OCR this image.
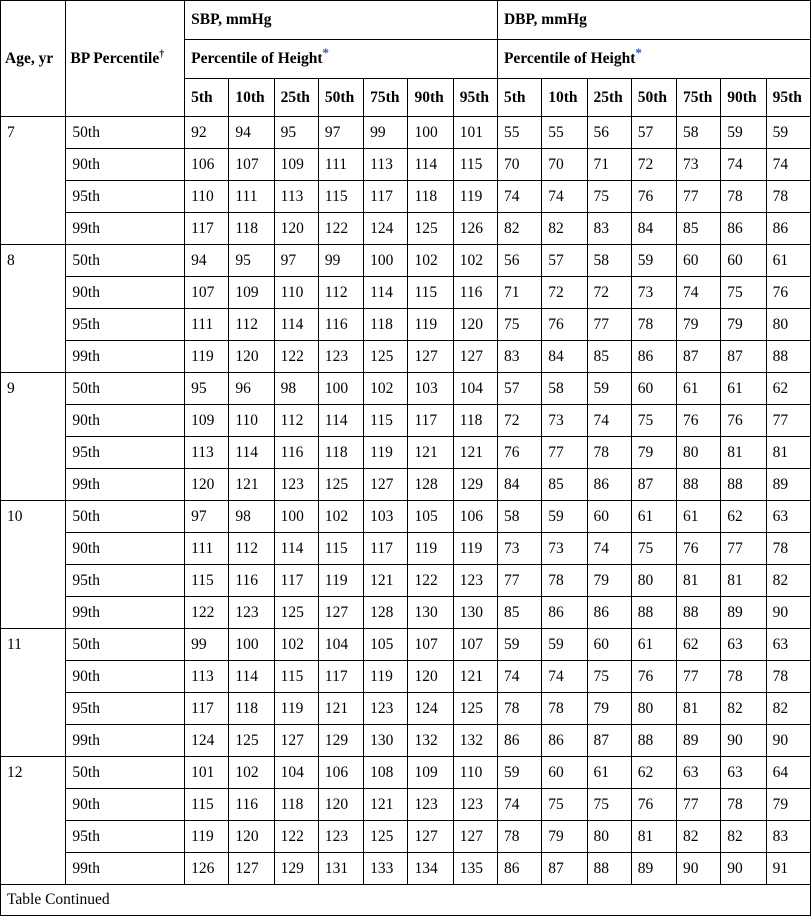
Age, yr	BP Percentile†	SBP, mmHg							DBP, mmHg						
		Percentile of Height*							Percentile of Height*
		5th	10th	25th	50th	75th	90th	95th	5th	10th	25th	50th	75th	90th	95th
7	50th	92	94	95	97	99	100	101	55	55	56	57	58	59	59
	90th	106	107	109	111	113	114	115	70	70	71	72	73	74	74
	95th	110	111	113	115	117	118	119	74	74	75	76	77	78	78
	99th	117	118	120	122	124	125	126	82	82	83	84	85	86	86
8	50th	94	95	97	99	100	102	102	56	57	58	59	60	60	61
	90th	107	109	110	112	114	115	116	71	72	72	73	74	75	76
	95th	111	112	114	116	118	119	120	75	76	77	78	79	79	80
	99th	119	120	122	123	125	127	127	83	84	85	86	87	87	88
9	50th	95	96	98	100	102	103	104	57	58	59	60	61	61	62
	90th	109	110	112	114	115	117	118	72	73	74	75	76	76	77
	95th	113	114	116	118	119	121	121	76	77	78	79	80	81	81
	99th	120	121	123	125	127	128	129	84	85	86	87	88	88	89
10	50th	97	98	100	102	103	105	106	58	59	60	61	61	62	63
	90th	111	112	114	115	117	119	119	73	73	74	75	76	77	78
	95th	115	116	117	119	121	122	123	77	78	79	80	81	81	82
	99th	122	123	125	127	128	130	130	85	86	86	88	88	89	90
11	50th	99	100	102	104	105	107	107	59	59	60	61	62	63	63
	90th	113	114	115	117	119	120	121	74	74	75	76	77	78	78
	95th	117	118	119	121	123	124	125	78	78	79	80	81	82	82
	99th	124	125	127	129	130	132	132	86	86	87	88	89	90	90
12	50th	101	102	104	106	108	109	110	59	60	61	62	63	63	64
	90th	115	116	118	120	121	123	123	74	75	75	76	77	78	79
	95th	119	120	122	123	125	127	127	78	79	80	81	82	82	83
	99th	126	127	129	131	133	134	135	86	87	88	89	90	90	91
Table Continued															
